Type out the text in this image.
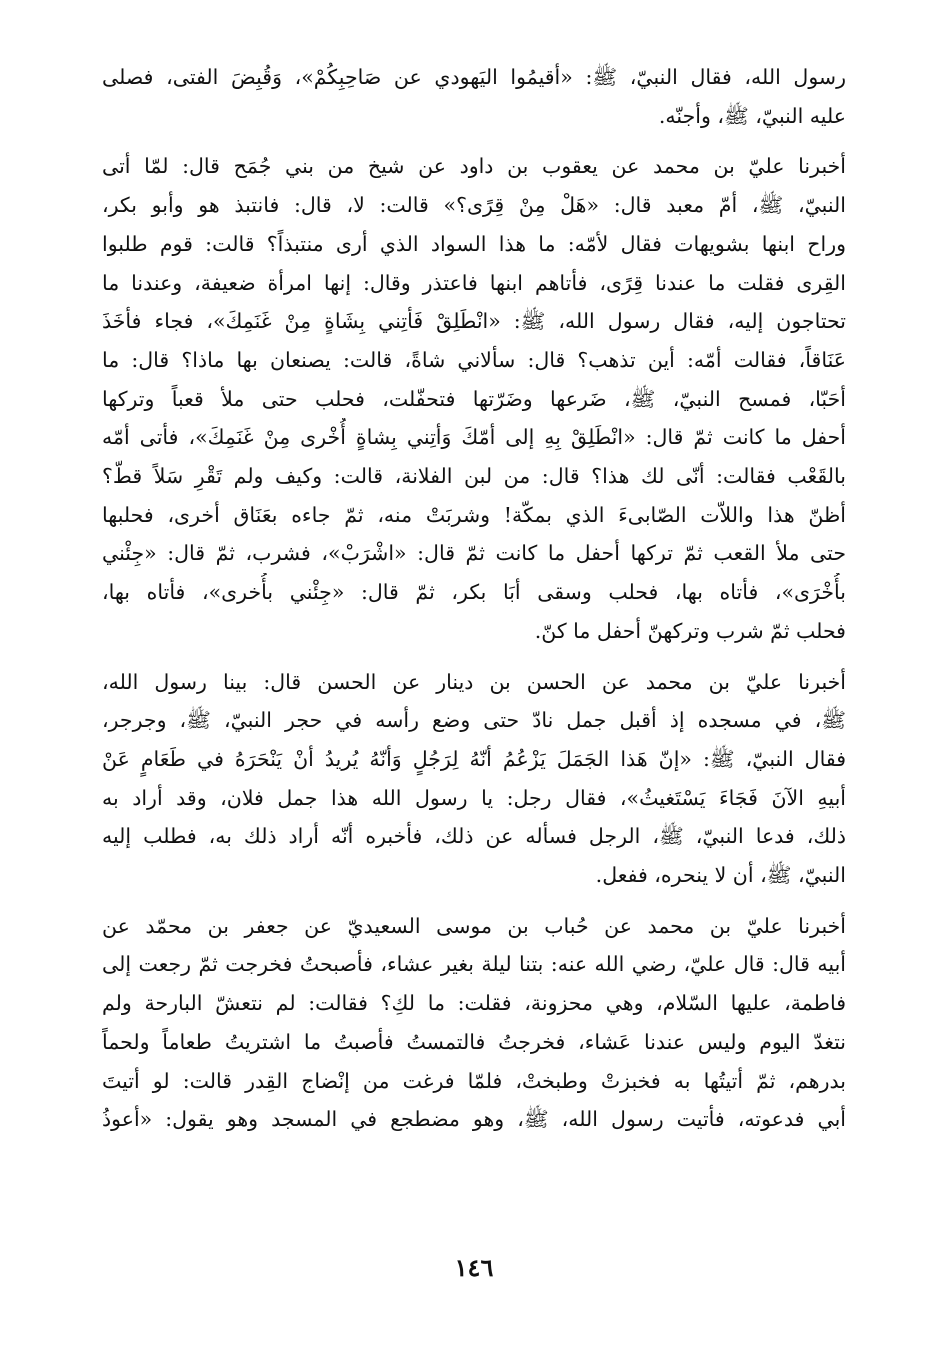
رسول الله، فقال النبيّ، ﷺ: «أقيمُوا اليَهودي عن صَاحِبِكُمْ»، وَقُبِضَ الفتى، فصلى
عليه النبيّ، ﷺ، وأجنّه.
أخبرنا عليّ بن محمد عن يعقوب بن داود عن شيخ من بني جُمَح قال: لمّا أتى
النبيّ، ﷺ، أمّ معبد قال: «هَلْ مِنْ قِرًى؟» قالت: لا، قال: فانتبذ هو وأبو بكر،
وراح ابنها بشويهات فقال لأمّه: ما هذا السواد الذي أرى منتبذاً؟ قالت: قوم طلبوا
القِرى فقلت ما عندنا قِرًى، فأتاهم ابنها فاعتذر وقال: إنها امرأة ضعيفة، وعندنا ما
تحتاجون إليه، فقال رسول الله، ﷺ: «انْطَلِقْ فَأتِني بِشَاةٍ مِنْ غَنَمِكَ»، فجاء فأخَذَ
عَنَاقاً، فقالت أمّه: أين تذهب؟ قال: سألاني شاةً، قالت: يصنعان بها ماذا؟ قال: ما
أحَبّا، فمسح النبيّ، ﷺ، ضَرعها وضَرّتها فتحفّلت، فحلب حتى ملأ قعباً وتركها
أحفل ما كانت ثمّ قال: «انْطَلِقْ بِهِ إلى أمّكَ وَأتِني بِشاةٍ أُخْرى مِنْ غَنَمِكَ»، فأتى أمّه
بالقَعْب فقالت: أنّى لك هذا؟ قال: من لبن الفلانة، قالت: وكيف ولم تَقْرِ سَلاً قطّ؟
أظنّ هذا واللاّت الصّابىءَ الذي بمكّة! وشربَتْ منه، ثمّ جاءه بعَنَاق أخرى، فحلبها
حتى ملأ القعب ثمّ تركها أحفل ما كانت ثمّ قال: «اشْرَبْ»، فشرب، ثمّ قال: «جِئْني
بأُخْرَى»، فأتاه بها، فحلب وسقى أبَا بكر، ثمّ قال: «جِئْني بأُخرى»، فأتاه بها،
فحلب ثمّ شرب وتركهنّ أحفل ما كنّ.
أخبرنا عليّ بن محمد عن الحسن بن دينار عن الحسن قال: بينا رسول الله،
ﷺ، في مسجده إذ أقبل جمل نادّ حتى وضع رأسه في حجر النبيّ، ﷺ، وجرجر،
فقال النبيّ، ﷺ: «إنّ هَذا الجَمَلَ يَزْعُمُ أنّهُ لِرَجُلٍ وَأنّهُ يُريدُ أنْ يَنْحَرَهُ في طَعَامٍ عَنْ
أبيهِ الآنَ فَجَاءَ يَسْتَغيثُ»، فقال رجل: يا رسول الله هذا جمل فلان، وقد أراد به
ذلك، فدعا النبيّ، ﷺ، الرجل فسأله عن ذلك، فأخبره أنّه أراد ذلك به، فطلب إليه
النبيّ، ﷺ، أن لا ينحره، ففعل.
أخبرنا عليّ بن محمد عن حُباب بن موسى السعيديّ عن جعفر بن محمّد عن
أبيه قال: قال عليّ، رضي الله عنه: بتنا ليلة بغير عشاء، فأصبحتُ فخرجت ثمّ رجعت إلى
فاطمة، عليها السّلام، وهي محزونة، فقلت: ما لكِ؟ فقالت: لم نتعشّ البارحة ولم
نتغدّ اليوم وليس عندنا عَشاء، فخرجتُ فالتمستُ فأصبتُ ما اشتريتُ طعاماً ولحماً
بدرهم، ثمّ أتيتُها به فخبزتْ وطبختْ، فلمّا فرغت من إنْضاج القِدر قالت: لو أتيتَ
أبي فدعوته، فأتيت رسول الله، ﷺ، وهو مضطجع في المسجد وهو يقول: «أعوذُ
١٤٦
